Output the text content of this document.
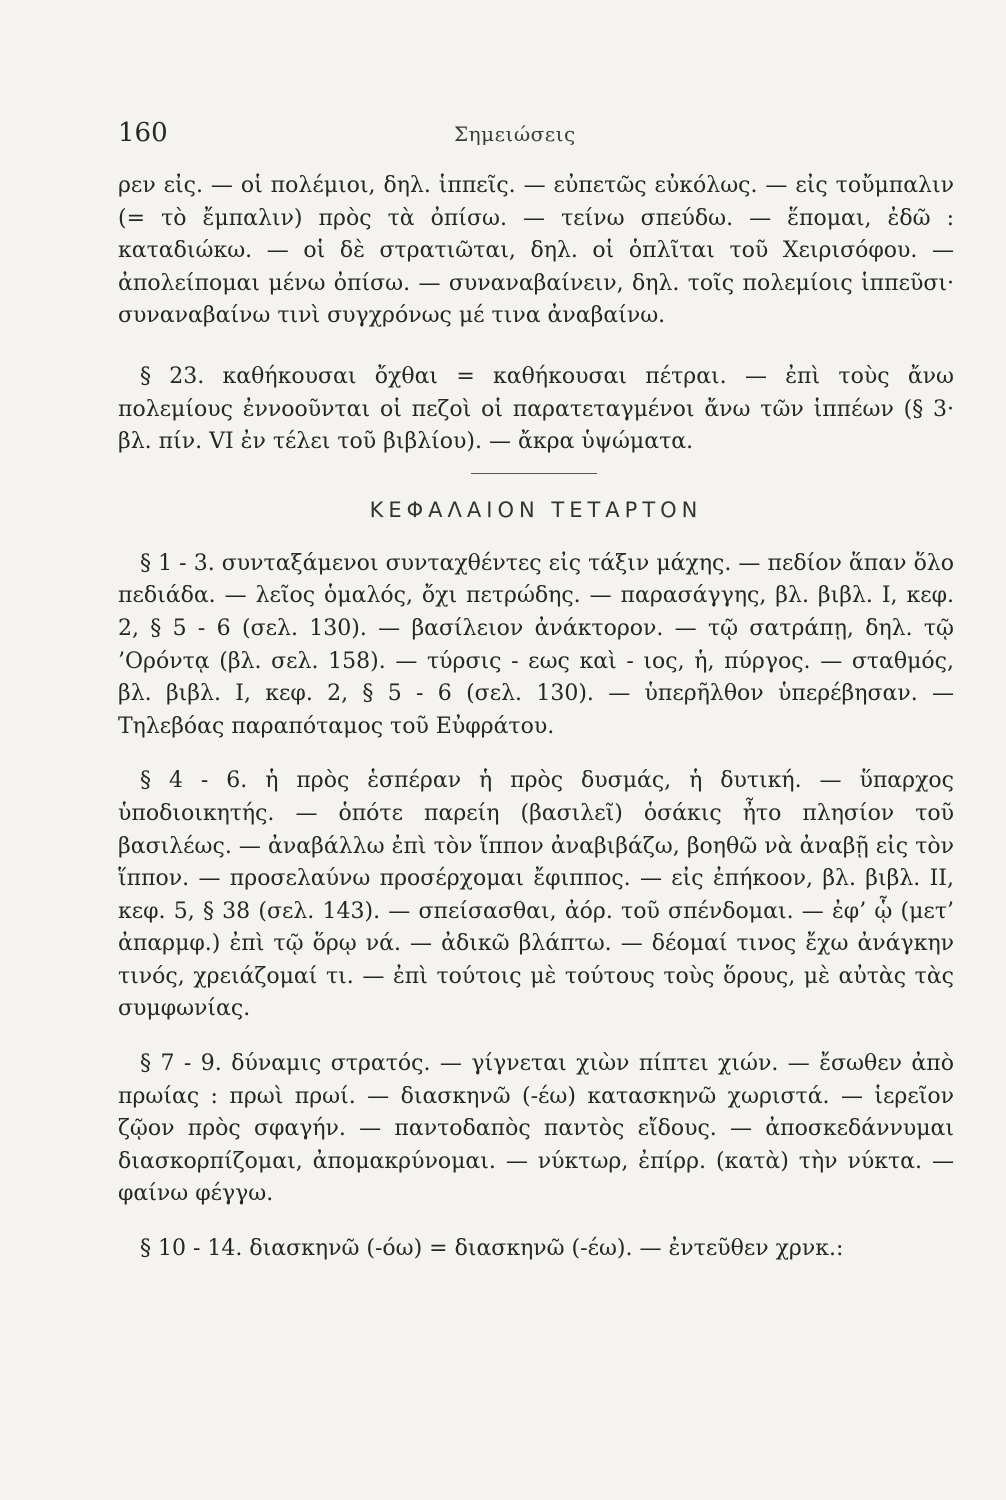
160	Σημειώσεις

ρεν εἰς. — οἱ πολέμιοι, δηλ. ἱππεῖς. — εὐπετῶς εὐκόλως. — εἰς τοὔμπαλιν (= τὸ ἔμπαλιν) πρὸς τὰ ὀπίσω. — τείνω σπεύδω. — ἕπομαι, ἐδῶ : καταδιώκω. — οἱ δὲ στρατιῶται, δηλ. οἱ ὁπλῖται τοῦ Χειρισόφου. — ἀπολείπομαι μένω ὀπίσω. — συναναβαίνειν, δηλ. τοῖς πολεμίοις ἱππεῦσι· συναναβαίνω τινὶ συγχρόνως μέ τινα ἀναβαίνω.

§ 23. καθήκουσαι ὄχθαι = καθήκουσαι πέτραι. — ἐπὶ τοὺς ἄνω πολεμίους ἐννοοῦνται οἱ πεζοὶ οἱ παρατεταγμένοι ἄνω τῶν ἱππέων (§ 3· βλ. πίν. VI ἐν τέλει τοῦ βιβλίου). — ἄκρα ὑψώματα.

ΚΕΦΑΛΑΙΟΝ ΤΕΤΑΡΤΟΝ

§ 1 - 3. συνταξάμενοι συνταχθέντες εἰς τάξιν μάχης. — πεδίον ἅπαν ὅλο πεδιάδα. — λεῖος ὁμαλός, ὄχι πετρώδης. — παρασάγγης, βλ. βιβλ. I, κεφ. 2, § 5 - 6 (σελ. 130). — βασίλειον ἀνάκτορον. — τῷ σατράπῃ, δηλ. τῷ ’Ορόντᾳ (βλ. σελ. 158). — τύρσις - εως καὶ - ιος, ἡ, πύργος. — σταθμός, βλ. βιβλ. I, κεφ. 2, § 5 - 6 (σελ. 130). — ὑπερῆλθον ὑπερέβησαν. — Τηλεβόας παραπόταμος τοῦ Εὐφράτου.

§ 4 - 6. ἡ πρὸς ἑσπέραν ἡ πρὸς δυσμάς, ἡ δυτική. — ὕπαρχος ὑποδιοικητής. — ὁπότε παρείη (βασιλεῖ) ὁσάκις ἦτο πλησίον τοῦ βασιλέως. — ἀναβάλλω ἐπὶ τὸν ἵππον ἀναβιβάζω, βοηθῶ νὰ ἀναβῇ εἰς τὸν ἵππον. — προσελαύνω προσέρχομαι ἔφιππος. — εἰς ἐπήκοον, βλ. βιβλ. II, κεφ. 5, § 38 (σελ. 143). — σπείσασθαι, ἀόρ. τοῦ σπένδομαι. — ἐφ’ ᾧ (μετ’ ἀπαρμφ.) ἐπὶ τῷ ὅρῳ νά. — ἀδικῶ βλάπτω. — δέομαί τινος ἔχω ἀνάγκην τινός, χρειάζομαί τι. — ἐπὶ τούτοις μὲ τούτους τοὺς ὅρους, μὲ αὐτὰς τὰς συμφωνίας.

§ 7 - 9. δύναμις στρατός. — γίγνεται χιὼν πίπτει χιών. — ἔσωθεν ἀπὸ πρωίας : πρωὶ πρωί. — διασκηνῶ (-έω) κατασκηνῶ χωριστά. — ἱερεῖον ζῷον πρὸς σφαγήν. — παντοδαπὸς παντὸς εἴδους. — ἀποσκεδάννυμαι διασκορπίζομαι, ἀπομακρύνομαι. — νύκτωρ, ἐπίρρ. (κατὰ) τὴν νύκτα. — φαίνω φέγγω.

§ 10 - 14. διασκηνῶ (-όω) = διασκηνῶ (-έω). — ἐντεῦθεν χρνκ.:
